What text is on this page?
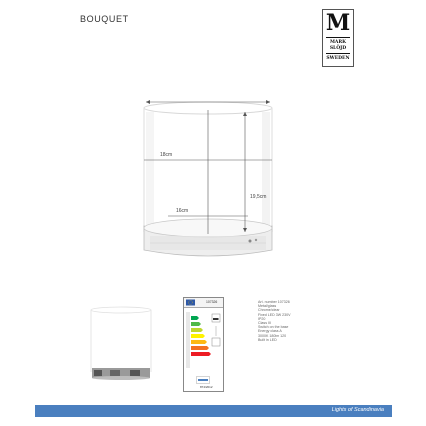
BOUQUET	M
MARK
SLÖJD
SWEDEN
18cm
16cm
19,5cm
107326
874/2012
Art. number 107326
Metal/glass
Chrome/clear
Fixed LED 3W 230V
IP20
Class III
Switch on the base
Energy class A
3000K 180lm 120
Built in LED
Lights of Scandinavia
